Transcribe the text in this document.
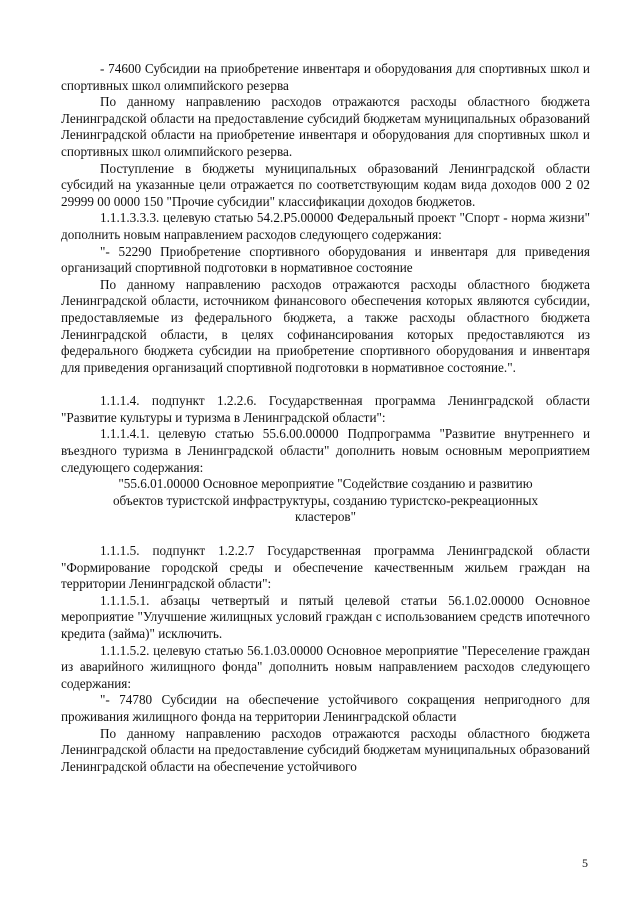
- 74600 Субсидии на приобретение инвентаря и оборудования для спортивных школ и спортивных школ олимпийского резерва

По данному направлению расходов отражаются расходы областного бюджета Ленинградской области на предоставление субсидий бюджетам муниципальных образований Ленинградской области на приобретение инвентаря и оборудования для спортивных школ и спортивных школ олимпийского резерва.

Поступление в бюджеты муниципальных образований Ленинградской области субсидий на указанные цели отражается по соответствующим кодам вида доходов 000 2 02 29999 00 0000 150 "Прочие субсидии" классификации доходов бюджетов.

1.1.1.3.3.3. целевую статью 54.2.Р5.00000 Федеральный проект "Спорт - норма жизни" дополнить новым направлением расходов следующего содержания:

"- 52290 Приобретение спортивного оборудования и инвентаря для приведения организаций спортивной подготовки в нормативное состояние

По данному направлению расходов отражаются расходы областного бюджета Ленинградской области, источником финансового обеспечения которых являются субсидии, предоставляемые из федерального бюджета, а также расходы областного бюджета Ленинградской области, в целях софинансирования которых предоставляются из федерального бюджета субсидии на приобретение спортивного оборудования и инвентаря для приведения организаций спортивной подготовки в нормативное состояние.".

1.1.1.4. подпункт 1.2.2.6. Государственная программа Ленинградской области "Развитие культуры и туризма в Ленинградской области":

1.1.1.4.1. целевую статью 55.6.00.00000 Подпрограмма "Развитие внутреннего и въездного туризма в Ленинградской области" дополнить новым основным мероприятием следующего содержания:

"55.6.01.00000 Основное мероприятие "Содействие созданию и развитию объектов туристской инфраструктуры, созданию туристско-рекреационных кластеров"

1.1.1.5. подпункт 1.2.2.7 Государственная программа Ленинградской области "Формирование городской среды и обеспечение качественным жильем граждан на территории Ленинградской области":

1.1.1.5.1. абзацы четвертый и пятый целевой статьи 56.1.02.00000 Основное мероприятие "Улучшение жилищных условий граждан с использованием средств ипотечного кредита (займа)" исключить.

1.1.1.5.2. целевую статью 56.1.03.00000 Основное мероприятие "Переселение граждан из аварийного жилищного фонда" дополнить новым направлением расходов следующего содержания:

"- 74780 Субсидии на обеспечение устойчивого сокращения непригодного для проживания жилищного фонда на территории Ленинградской области

По данному направлению расходов отражаются расходы областного бюджета Ленинградской области на предоставление субсидий бюджетам муниципальных образований Ленинградской области на обеспечение устойчивого

5
